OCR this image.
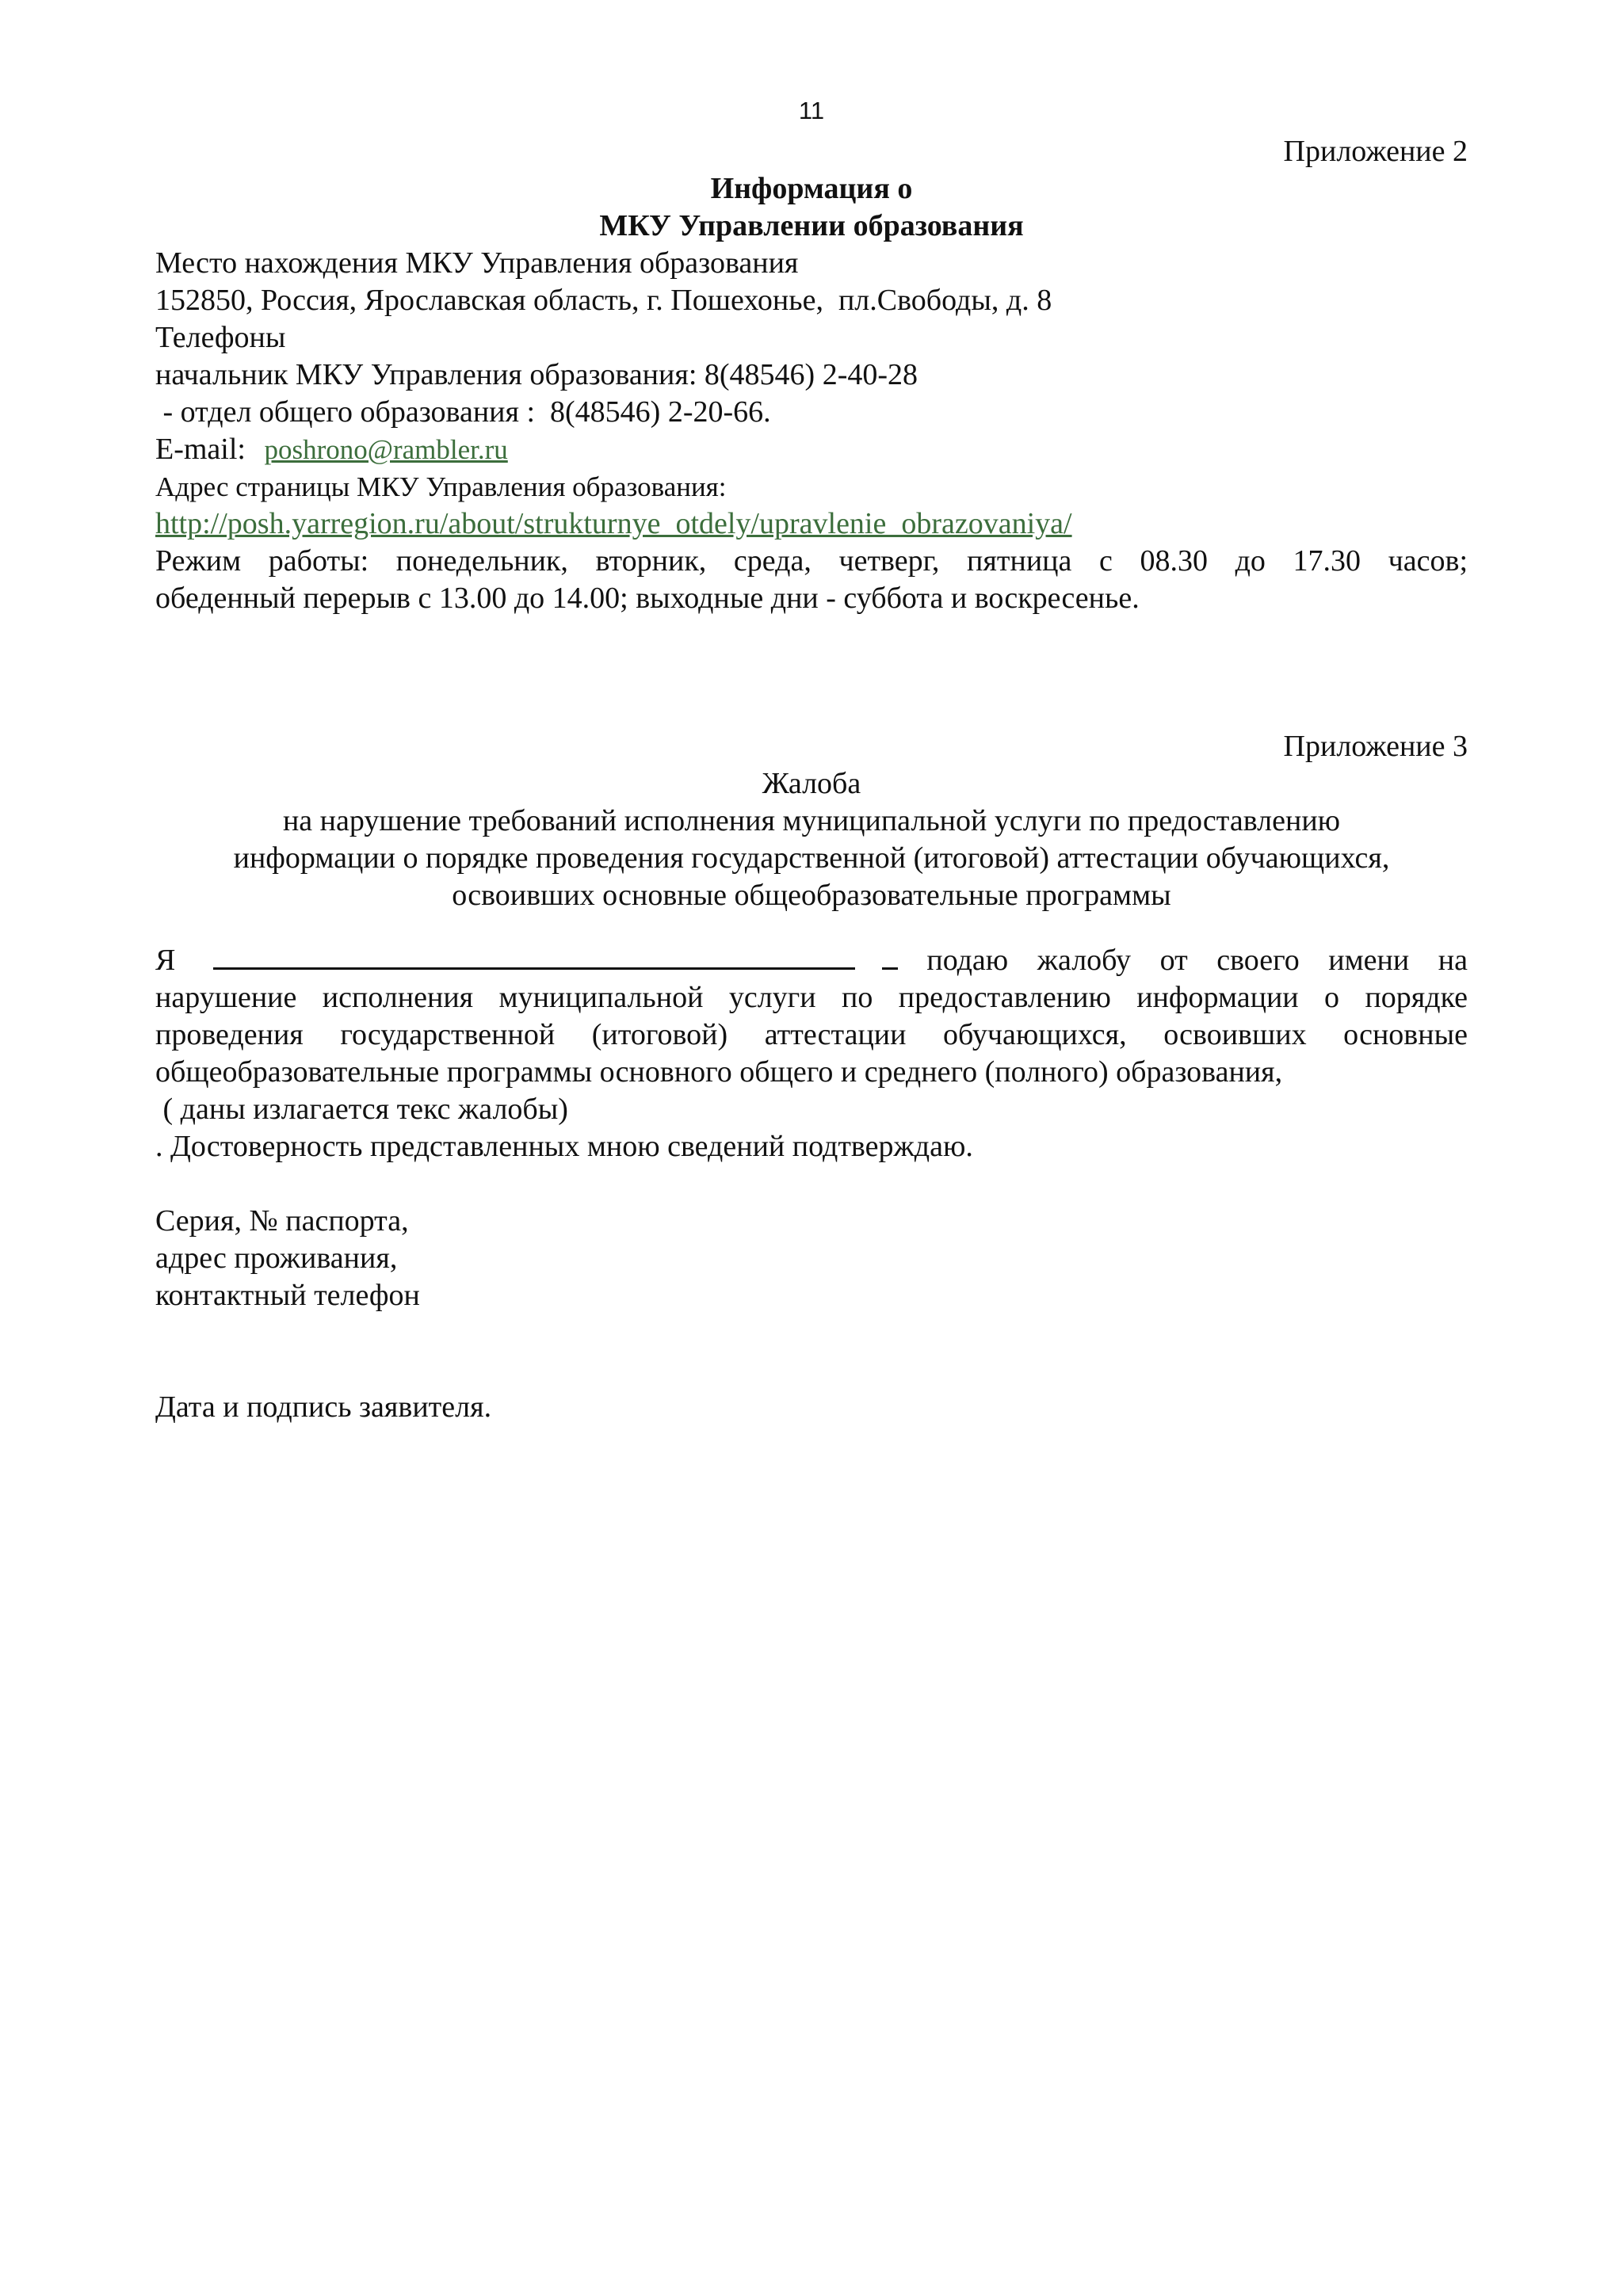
11
Приложение 2
Информация о
МКУ Управлении образования
Место нахождения МКУ Управления образования
152850, Россия, Ярославская область, г. Пошехонье,  пл.Свободы, д. 8
Телефоны
начальник МКУ Управления образования: 8(48546) 2-40-28
- отдел общего образования :  8(48546) 2-20-66.
E-mail: poshrono@rambler.ru
Адрес страницы МКУ Управления образования:
http://posh.yarregion.ru/about/strukturnye_otdely/upravlenie_obrazovaniya/
Режим работы: понедельник, вторник, среда, четверг, пятница с 08.30 до 17.30 часов;
обеденный перерыв с 13.00 до 14.00; выходные дни - суббота и воскресенье.
Приложение 3
Жалоба
на нарушение требований исполнения муниципальной услуги по предоставлению
информации о порядке проведения государственной (итоговой) аттестации обучающихся,
освоивших основные общеобразовательные программы
Я	подаю жалобу от своего имени на
нарушение исполнения муниципальной услуги по предоставлению информации о порядке
проведения государственной (итоговой) аттестации обучающихся, освоивших основные
общеобразовательные программы основного общего и среднего (полного) образования,
( даны излагается текс жалобы)
. Достоверность представленных мною сведений подтверждаю.
Серия, № паспорта,
адрес проживания,
контактный телефон
Дата и подпись заявителя.
